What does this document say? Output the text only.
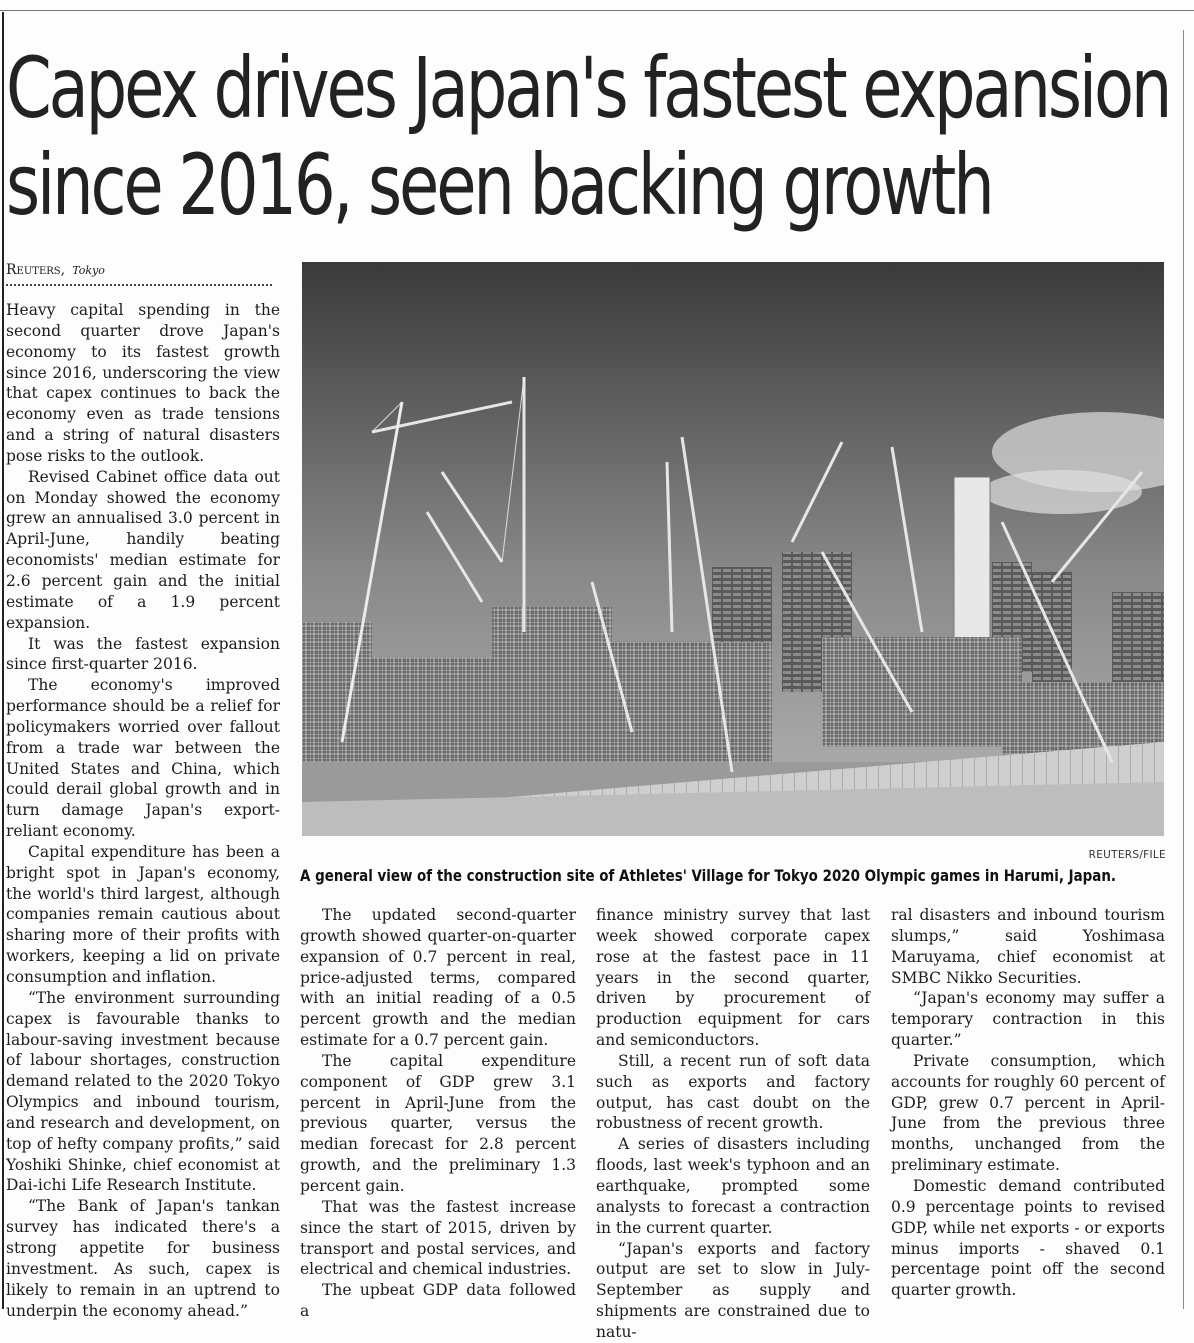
Capex drives Japan's fastest expansion
since 2016, seen backing growth
Reuters, Tokyo

Heavy capital spending in the second quarter drove Japan's economy to its fastest growth since 2016, underscoring the view that capex continues to back the economy even as trade tensions and a string of natural disasters pose risks to the outlook.

Revised Cabinet office data out on Monday showed the economy grew an annualised 3.0 percent in April-June, handily beating economists' median estimate for 2.6 percent gain and the initial estimate of a 1.9 percent expansion.

It was the fastest expansion since first-quarter 2016.

The economy's improved performance should be a relief for policymakers worried over fallout from a trade war between the United States and China, which could derail global growth and in turn damage Japan's export-reliant economy.

Capital expenditure has been a bright spot in Japan's economy, the world's third largest, although companies remain cautious about sharing more of their profits with workers, keeping a lid on private consumption and inflation.

“The environment surrounding capex is favourable thanks to labour-saving investment because of labour shortages, construction demand related to the 2020 Tokyo Olympics and inbound tourism, and research and development, on top of hefty company profits,” said Yoshiki Shinke, chief economist at Dai-ichi Life Research Institute.

“The Bank of Japan's tankan survey has indicated there's a strong appetite for business investment. As such, capex is likely to remain in an uptrend to underpin the economy ahead.”

REUTERS/FILE
A general view of the construction site of Athletes' Village for Tokyo 2020 Olympic games in Harumi, Japan.

The updated second-quarter growth showed quarter-on-quarter expansion of 0.7 percent in real, price-adjusted terms, compared with an initial reading of a 0.5 percent growth and the median estimate for a 0.7 percent gain.

The capital expenditure component of GDP grew 3.1 percent in April-June from the previous quarter, versus the median forecast for 2.8 percent growth, and the preliminary 1.3 percent gain.

That was the fastest increase since the start of 2015, driven by transport and postal services, and electrical and chemical industries.

The upbeat GDP data followed a

finance ministry survey that last week showed corporate capex rose at the fastest pace in 11 years in the second quarter, driven by procurement of production equipment for cars and semiconductors.

Still, a recent run of soft data such as exports and factory output, has cast doubt on the robustness of recent growth.

A series of disasters including floods, last week's typhoon and an earthquake, prompted some analysts to forecast a contraction in the current quarter.

“Japan's exports and factory output are set to slow in July-September as supply and shipments are constrained due to natu-

ral disasters and inbound tourism slumps,” said Yoshimasa Maruyama, chief economist at SMBC Nikko Securities.

“Japan's economy may suffer a temporary contraction in this quarter.”

Private consumption, which accounts for roughly 60 percent of GDP, grew 0.7 percent in April-June from the previous three months, unchanged from the preliminary estimate.

Domestic demand contributed 0.9 percentage points to revised GDP, while net exports - or exports minus imports - shaved 0.1 percentage point off the second quarter growth.
